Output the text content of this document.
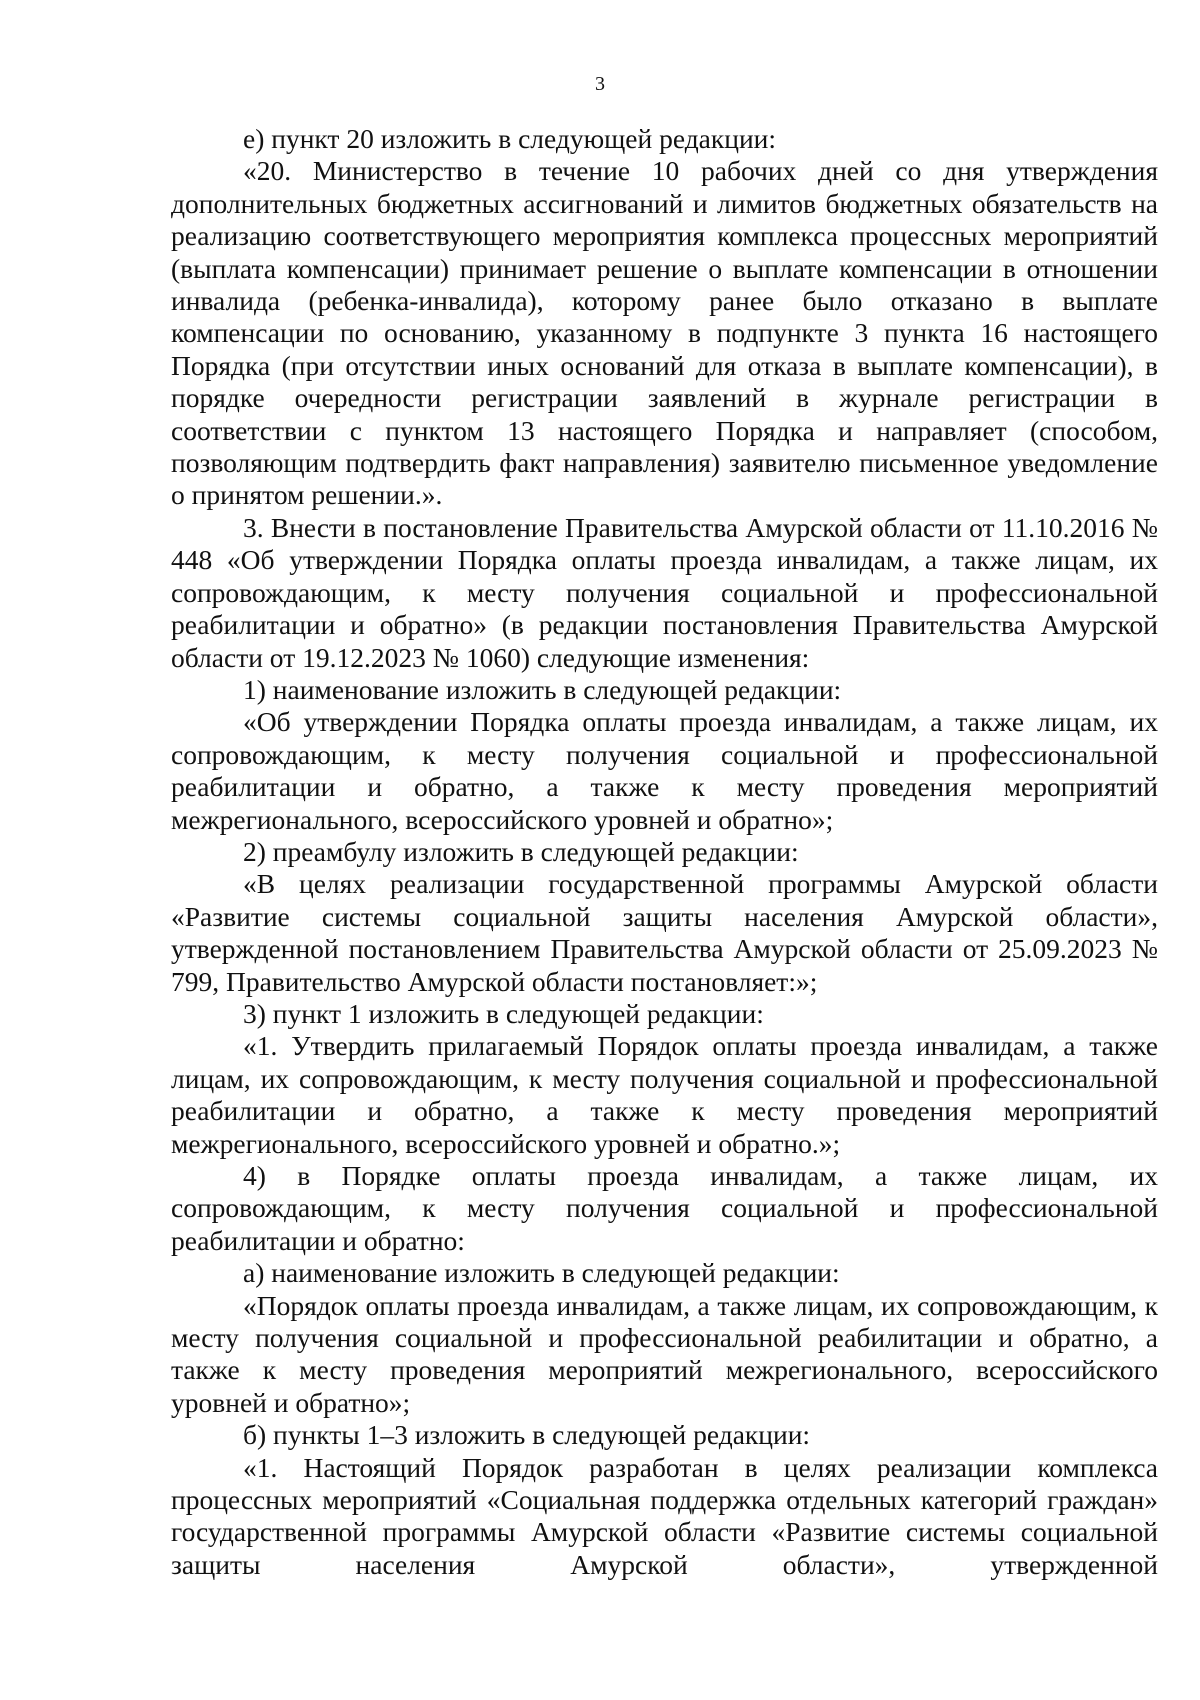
3

е) пункт 20 изложить в следующей редакции:

«20. Министерство в течение 10 рабочих дней со дня утверждения дополнительных бюджетных ассигнований и лимитов бюджетных обязательств на реализацию соответствующего мероприятия комплекса процессных мероприятий (выплата компенсации) принимает решение о выплате компенсации в отношении инвалида (ребенка-инвалида), которому ранее было отказано в выплате компенсации по основанию, указанному в подпункте 3 пункта 16 настоящего Порядка (при отсутствии иных оснований для отказа в выплате компенсации), в порядке очередности регистрации заявлений в журнале регистрации в соответствии с пунктом 13 настоящего Порядка и направляет (способом, позволяющим подтвердить факт направления) заявителю письменное уведомление о принятом решении.».

3. Внести в постановление Правительства Амурской области от 11.10.2016 № 448 «Об утверждении Порядка оплаты проезда инвалидам, а также лицам, их сопровождающим, к месту получения социальной и профессиональной реабилитации и обратно» (в редакции постановления Правительства Амурской области от 19.12.2023 № 1060) следующие изменения:

1) наименование изложить в следующей редакции:

«Об утверждении Порядка оплаты проезда инвалидам, а также лицам, их сопровождающим, к месту получения социальной и профессиональной реабилитации и обратно, а также к месту проведения мероприятий межрегионального, всероссийского уровней и обратно»;

2) преамбулу изложить в следующей редакции:

«В целях реализации государственной программы Амурской области «Развитие системы социальной защиты населения Амурской области», утвержденной постановлением Правительства Амурской области от 25.09.2023 № 799, Правительство Амурской области постановляет:»;

3) пункт 1 изложить в следующей редакции:

«1. Утвердить прилагаемый Порядок оплаты проезда инвалидам, а также лицам, их сопровождающим, к месту получения социальной и профессиональной реабилитации и обратно, а также к месту проведения мероприятий межрегионального, всероссийского уровней и обратно.»;

4) в Порядке оплаты проезда инвалидам, а также лицам, их сопровождающим, к месту получения социальной и профессиональной реабилитации и обратно:

а) наименование изложить в следующей редакции:

«Порядок оплаты проезда инвалидам, а также лицам, их сопровождающим, к месту получения социальной и профессиональной реабилитации и обратно, а также к месту проведения мероприятий межрегионального, всероссийского уровней и обратно»;

б) пункты 1–3 изложить в следующей редакции:

«1. Настоящий Порядок разработан в целях реализации комплекса процессных мероприятий «Социальная поддержка отдельных категорий граждан» государственной программы Амурской области «Развитие системы социальной защиты населения Амурской области», утвержденной
